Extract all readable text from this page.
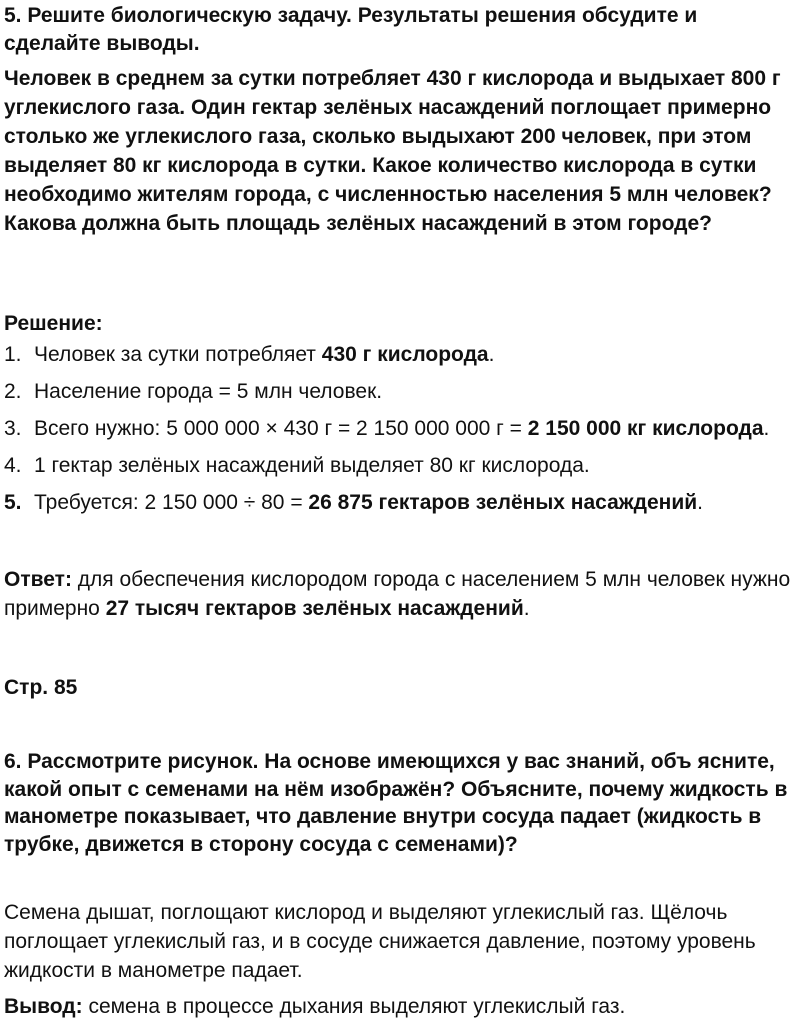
5. Решите биологическую задачу. Результаты решения обсудите и сделайте выводы.

Человек в среднем за сутки потребляет 430 г кислорода и выдыхает 800 г углекислого газа. Один гектар зелёных насаждений поглощает примерно столько же углекислого газа, сколько выдыхают 200 человек, при этом выделяет 80 кг кислорода в сутки. Какое количество кислорода в сутки необходимо жителям города, с численностью населения 5 млн человек? Какова должна быть площадь зелёных насаждений в этом городе?

Решение:

1. Человек за сутки потребляет 430 г кислорода.
2. Население города = 5 млн человек.
3. Всего нужно: 5 000 000 × 430 г = 2 150 000 000 г = 2 150 000 кг кислорода.
4. 1 гектар зелёных насаждений выделяет 80 кг кислорода.
5. Требуется: 2 150 000 ÷ 80 = 26 875 гектаров зелёных насаждений.

Ответ: для обеспечения кислородом города с населением 5 млн человек нужно примерно 27 тысяч гектаров зелёных насаждений.

Стр. 85

6. Рассмотрите рисунок. На основе имеющихся у вас знаний, объ ясните, какой опыт с семенами на нём изображён? Объясните, почему жидкость в манометре показывает, что давление внутри сосуда падает (жидкость в трубке, движется в сторону сосуда с семенами)?

Семена дышат, поглощают кислород и выделяют углекислый газ. Щёлочь поглощает углекислый газ, и в сосуде снижается давление, поэтому уровень жидкости в манометре падает.

Вывод: семена в процессе дыхания выделяют углекислый газ.
